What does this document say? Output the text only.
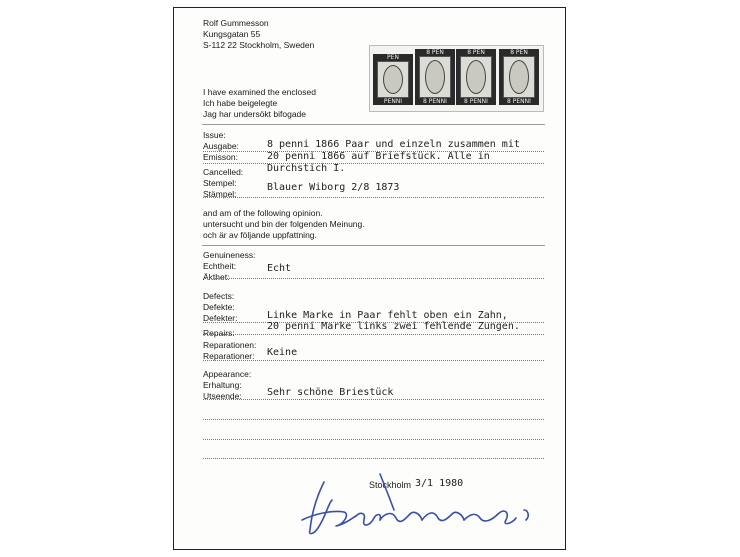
Rolf Gummesson
Kungsgatan 55
S-112 22 Stockholm, Sweden
PEN
PENNI
8 PEN
8 PENNI
8 PEN
8 PENNI
8 PEN
8 PENNI
I have examined the enclosed
Ich habe beigelegte
Jag har undersökt bifogade
Issue:
Ausgabe:
Emisson:
8 penni 1866 Paar und einzeln zusammen mit
20 penni 1866 auf Briefstück. Alle in
Durchstich I.
Cancelled:
Stempel:
Stämpel:
Blauer Wiborg 2/8 1873
and am of the following opinion.
untersucht und bin der folgenden Meinung.
och är av följande uppfattning.
Genuineness:
Echtheit:
Äkthet:
Echt
Defects:
Defekte:
Defekter:	Linke Marke in Paar fehlt oben ein Zahn,
20 penni Marke links zwei fehlende Zungen.
Repairs:
Reparationen:
Reparationer: Keine
Appearance:
Erhaltung:
Utseende:	Sehr schöne Briestück
Stockholm 3/1 1980
